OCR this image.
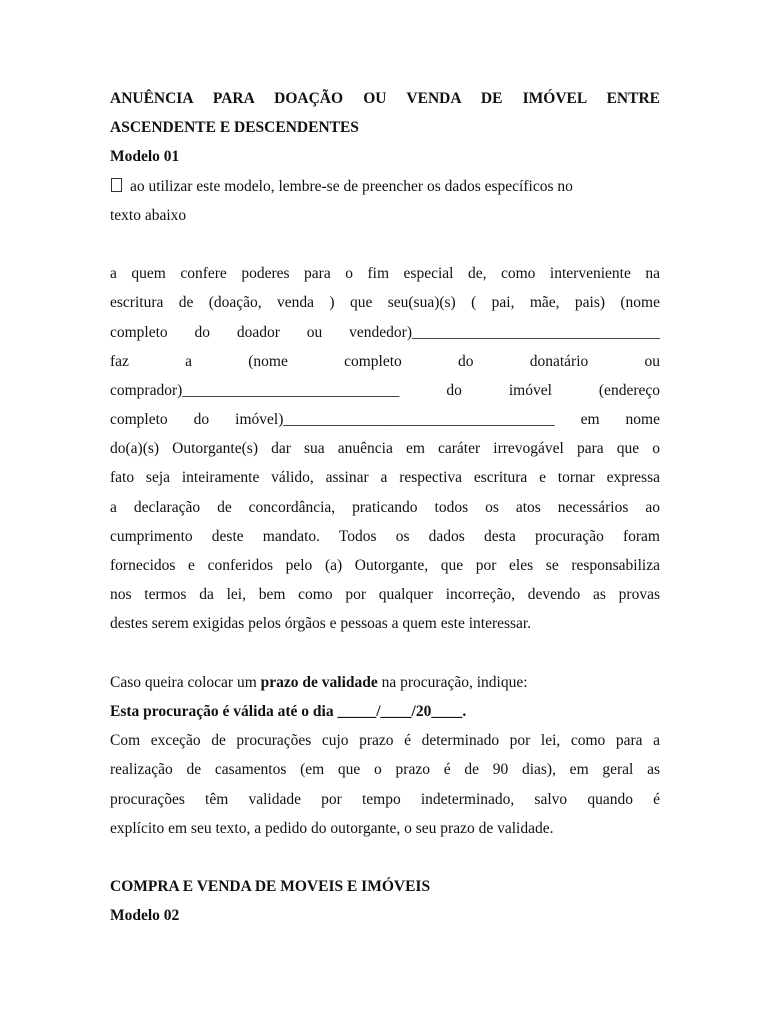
ANUÊNCIA PARA DOAÇÃO OU VENDA DE IMÓVEL ENTRE
ASCENDENTE E DESCENDENTES
Modelo 01
ao utilizar este modelo, lembre-se de preencher os dados específicos no
texto abaixo
a quem confere poderes para o fim especial de, como interveniente na
escritura de (doação, venda ) que seu(sua)(s) ( pai, mãe, pais) (nome
completo do doador ou vendedor)________________________________
faz a (nome completo do donatário ou
comprador)____________________________ do imóvel (endereço
completo do imóvel)___________________________________ em nome
do(a)(s) Outorgante(s) dar sua anuência em caráter irrevogável para que o
fato seja inteiramente válido, assinar a respectiva escritura e tornar expressa
a declaração de concordância, praticando todos os atos necessários ao
cumprimento deste mandato. Todos os dados desta procuração foram
fornecidos e conferidos pelo (a) Outorgante, que por eles se responsabiliza
nos termos da lei, bem como por qualquer incorreção, devendo as provas
destes serem exigidas pelos órgãos e pessoas a quem este interessar.
Caso queira colocar um prazo de validade na procuração, indique:
Esta procuração é válida até o dia _____/____/20____.
Com exceção de procurações cujo prazo é determinado por lei, como para a
realização de casamentos (em que o prazo é de 90 dias), em geral as
procurações têm validade por tempo indeterminado, salvo quando é
explícito em seu texto, a pedido do outorgante, o seu prazo de validade.
COMPRA E VENDA DE MOVEIS E IMÓVEIS
Modelo 02
